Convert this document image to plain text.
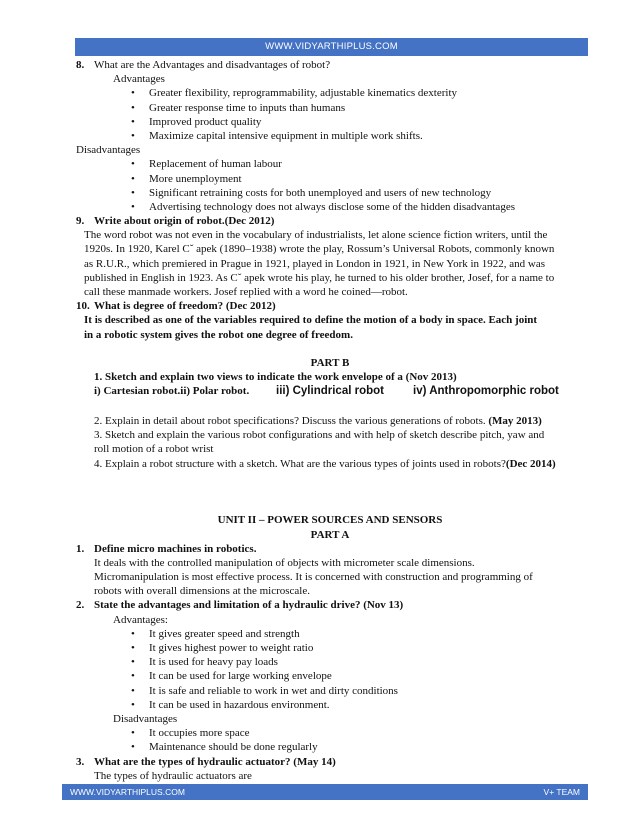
WWW.VIDYARTHIPLUS.COM
8. What are the Advantages and disadvantages of robot?
Advantages
• Greater flexibility, reprogrammability, adjustable kinematics dexterity
• Greater response time to inputs than humans
• Improved product quality
• Maximize capital intensive equipment in multiple work shifts.
Disadvantages
• Replacement of human labour
• More unemployment
• Significant retraining costs for both unemployed and users of new technology
• Advertising technology does not always disclose some of the hidden disadvantages
9. Write about origin of robot.(Dec 2012)
The word robot was not even in the vocabulary of industrialists, let alone science fiction writers, until the
1920s. In 1920, Karel Cˇ apek (1890–1938) wrote the play, Rossum’s Universal Robots, commonly known
as R.U.R., which premiered in Prague in 1921, played in London in 1921, in New York in 1922, and was
published in English in 1923. As Cˇ apek wrote his play, he turned to his older brother, Josef, for a name to
call these manmade workers. Josef replied with a word he coined—robot.
10. What is degree of freedom? (Dec 2012)
It is described as one of the variables required to define the motion of a body in space. Each joint
in a robotic system gives the robot one degree of freedom.
PART B
1. Sketch and explain two views to indicate the work envelope of a (Nov 2013)
i) Cartesian robot.ii) Polar robot. iii) Cylindrical robot	iv) Anthropomorphic robot
2. Explain in detail about robot specifications? Discuss the various generations of robots. (May 2013)
3. Sketch and explain the various robot configurations and with help of sketch describe pitch, yaw and
roll motion of a robot wrist
4. Explain a robot structure with a sketch. What are the various types of joints used in robots?(Dec 2014)
UNIT II – POWER SOURCES AND SENSORS
PART A
1. Define micro machines in robotics.
It deals with the controlled manipulation of objects with micrometer scale dimensions.
Micromanipulation is most effective process. It is concerned with construction and programming of
robots with overall dimensions at the microscale.
2. State the advantages and limitation of a hydraulic drive? (Nov 13)
Advantages:
• It gives greater speed and strength
• It gives highest power to weight ratio
• It is used for heavy pay loads
• It can be used for large working envelope
• It is safe and reliable to work in wet and dirty conditions
• It can be used in hazardous environment.
Disadvantages
• It occupies more space
• Maintenance should be done regularly
3. What are the types of hydraulic actuator? (May 14)
The types of hydraulic actuators are
WWW.VIDYARTHIPLUS.COM	V+ TEAM
